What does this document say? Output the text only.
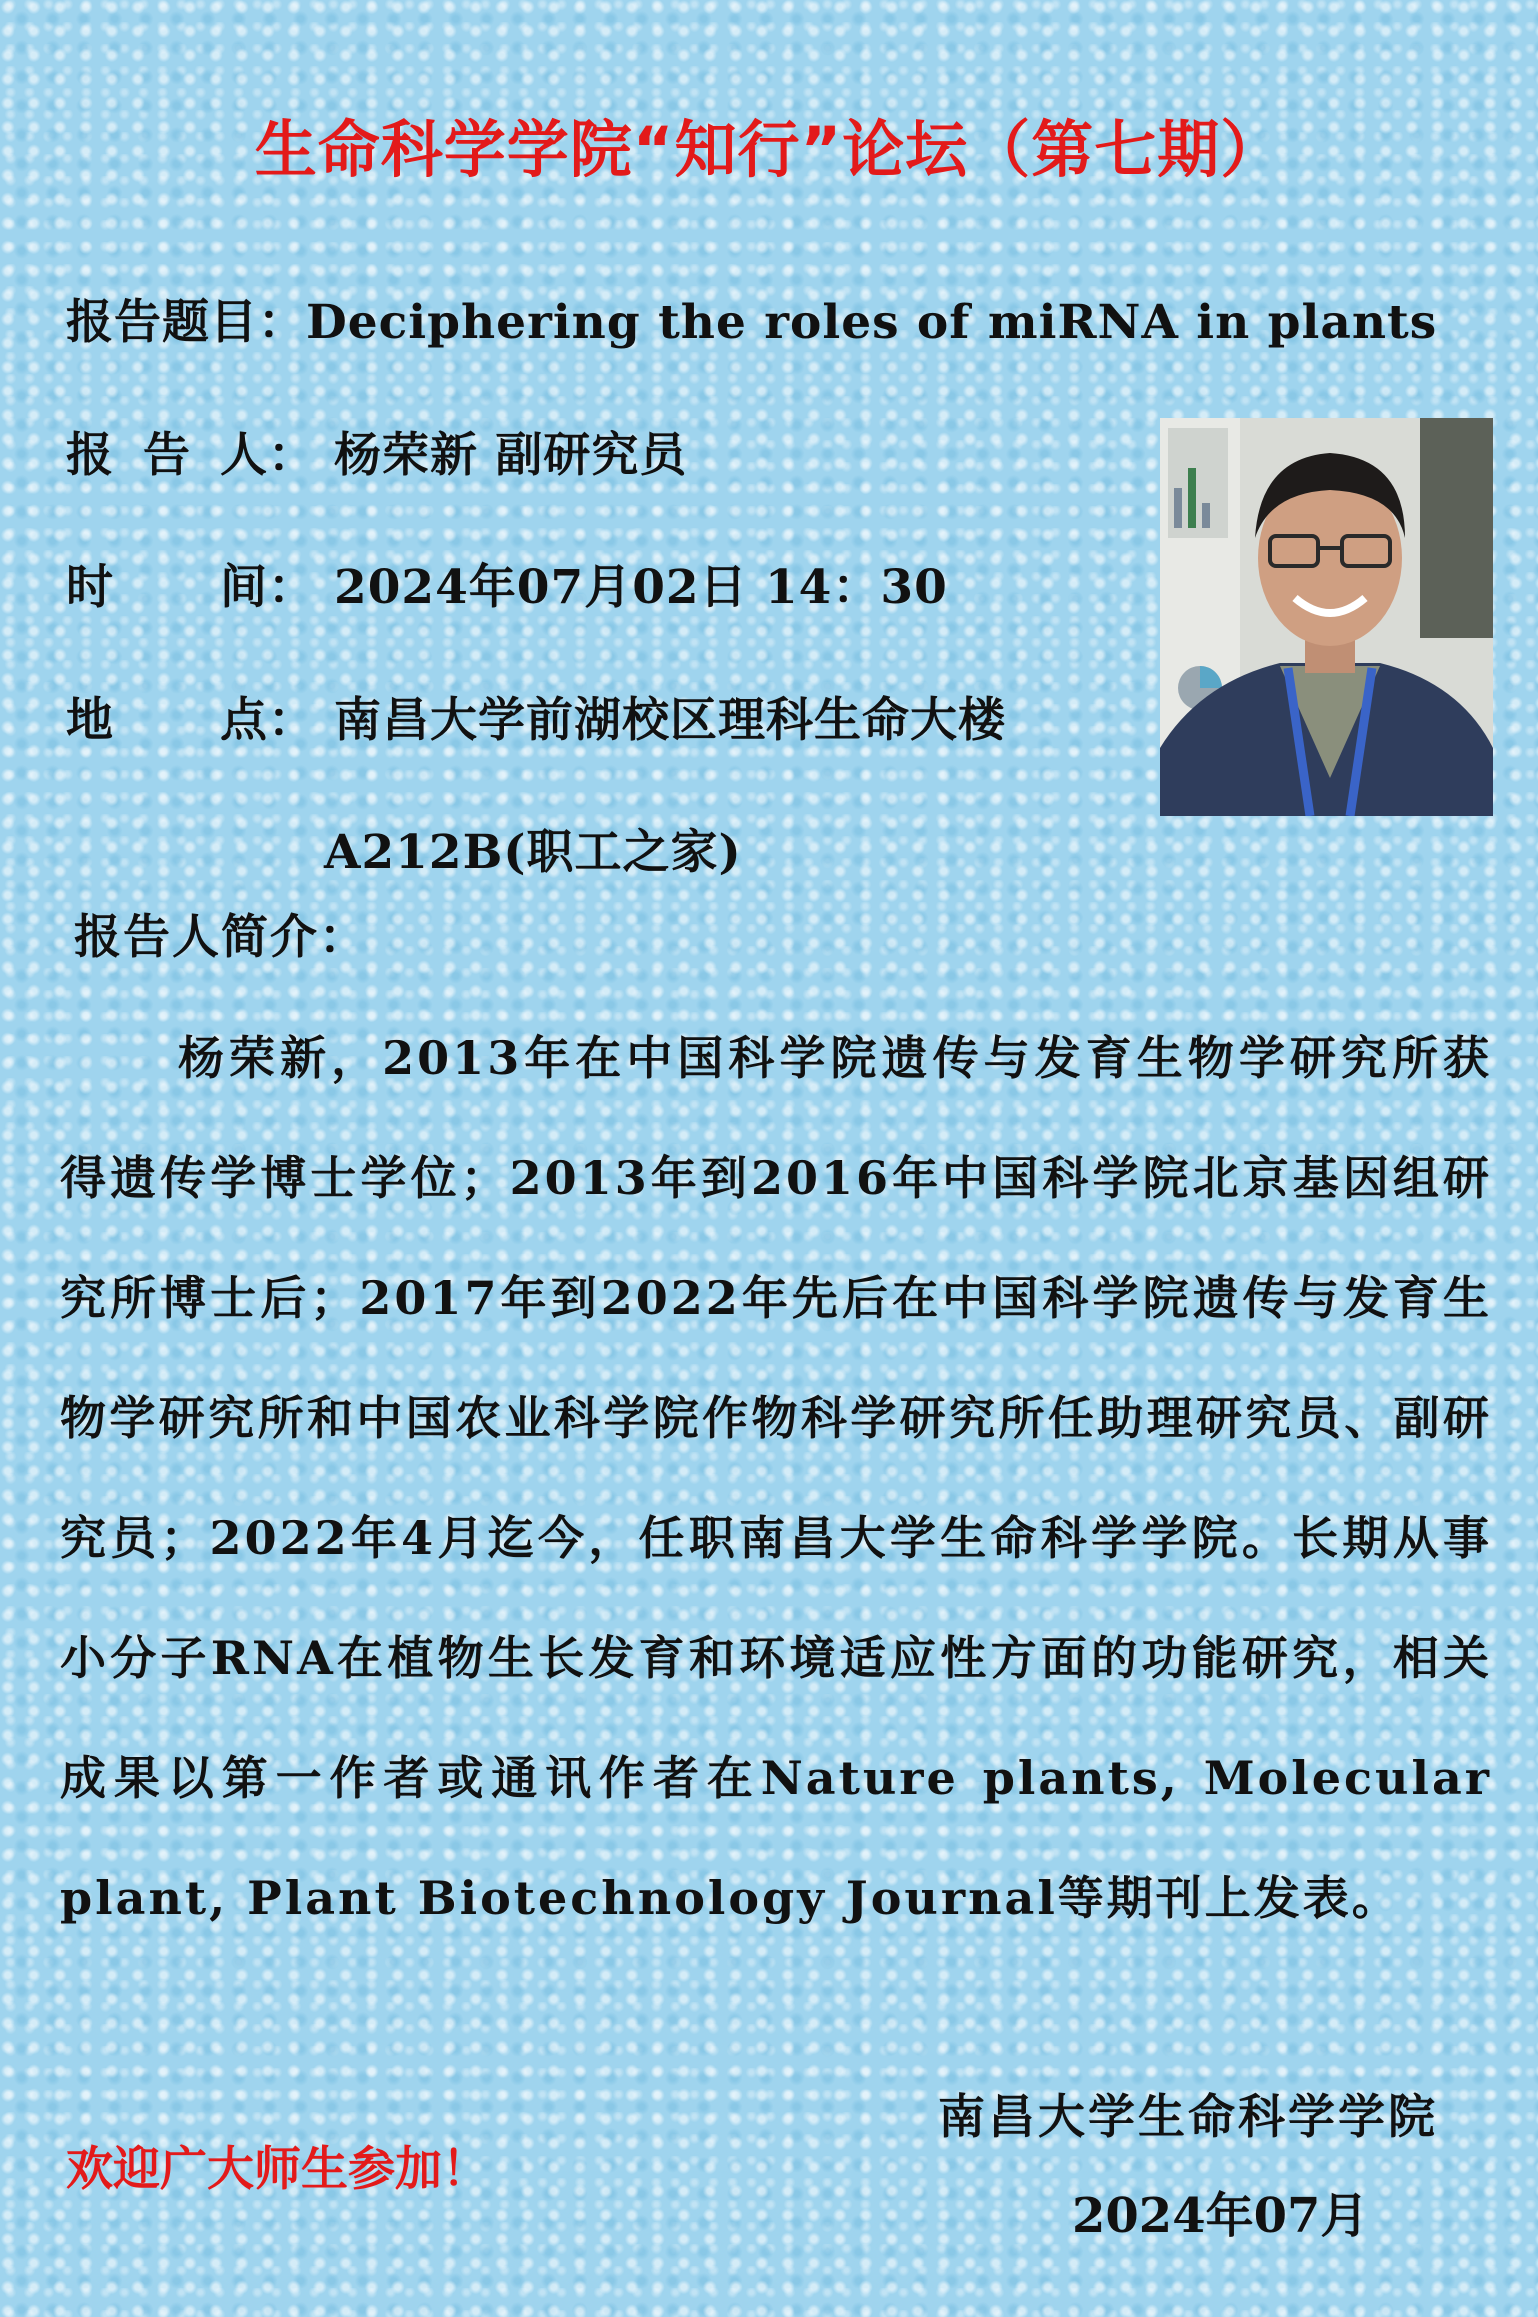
生命科学学院“知行”论坛（第七期）
报告题目：Deciphering the roles of miRNA in plants
报 告 人： 杨荣新 副研究员
时 间： 2024年07月02日 14：30
地 点： 南昌大学前湖校区理科生命大楼
A212B(职工之家)
报告人简介：
杨荣新，2013年在中国科学院遗传与发育生物学研究所获得遗传学博士学位；2013年到2016年中国科学院北京基因组研究所博士后；2017年到2022年先后在中国科学院遗传与发育生物学研究所和中国农业科学院作物科学研究所任助理研究员、副研究员；2022年4月迄今，任职南昌大学生命科学学院。长期从事小分子RNA在植物生长发育和环境适应性方面的功能研究，相关成果以第一作者或通讯作者在Nature plants, Molecular plant, Plant Biotechnology Journal等期刊上发表。
欢迎广大师生参加！
南昌大学生命科学学院
2024年07月
